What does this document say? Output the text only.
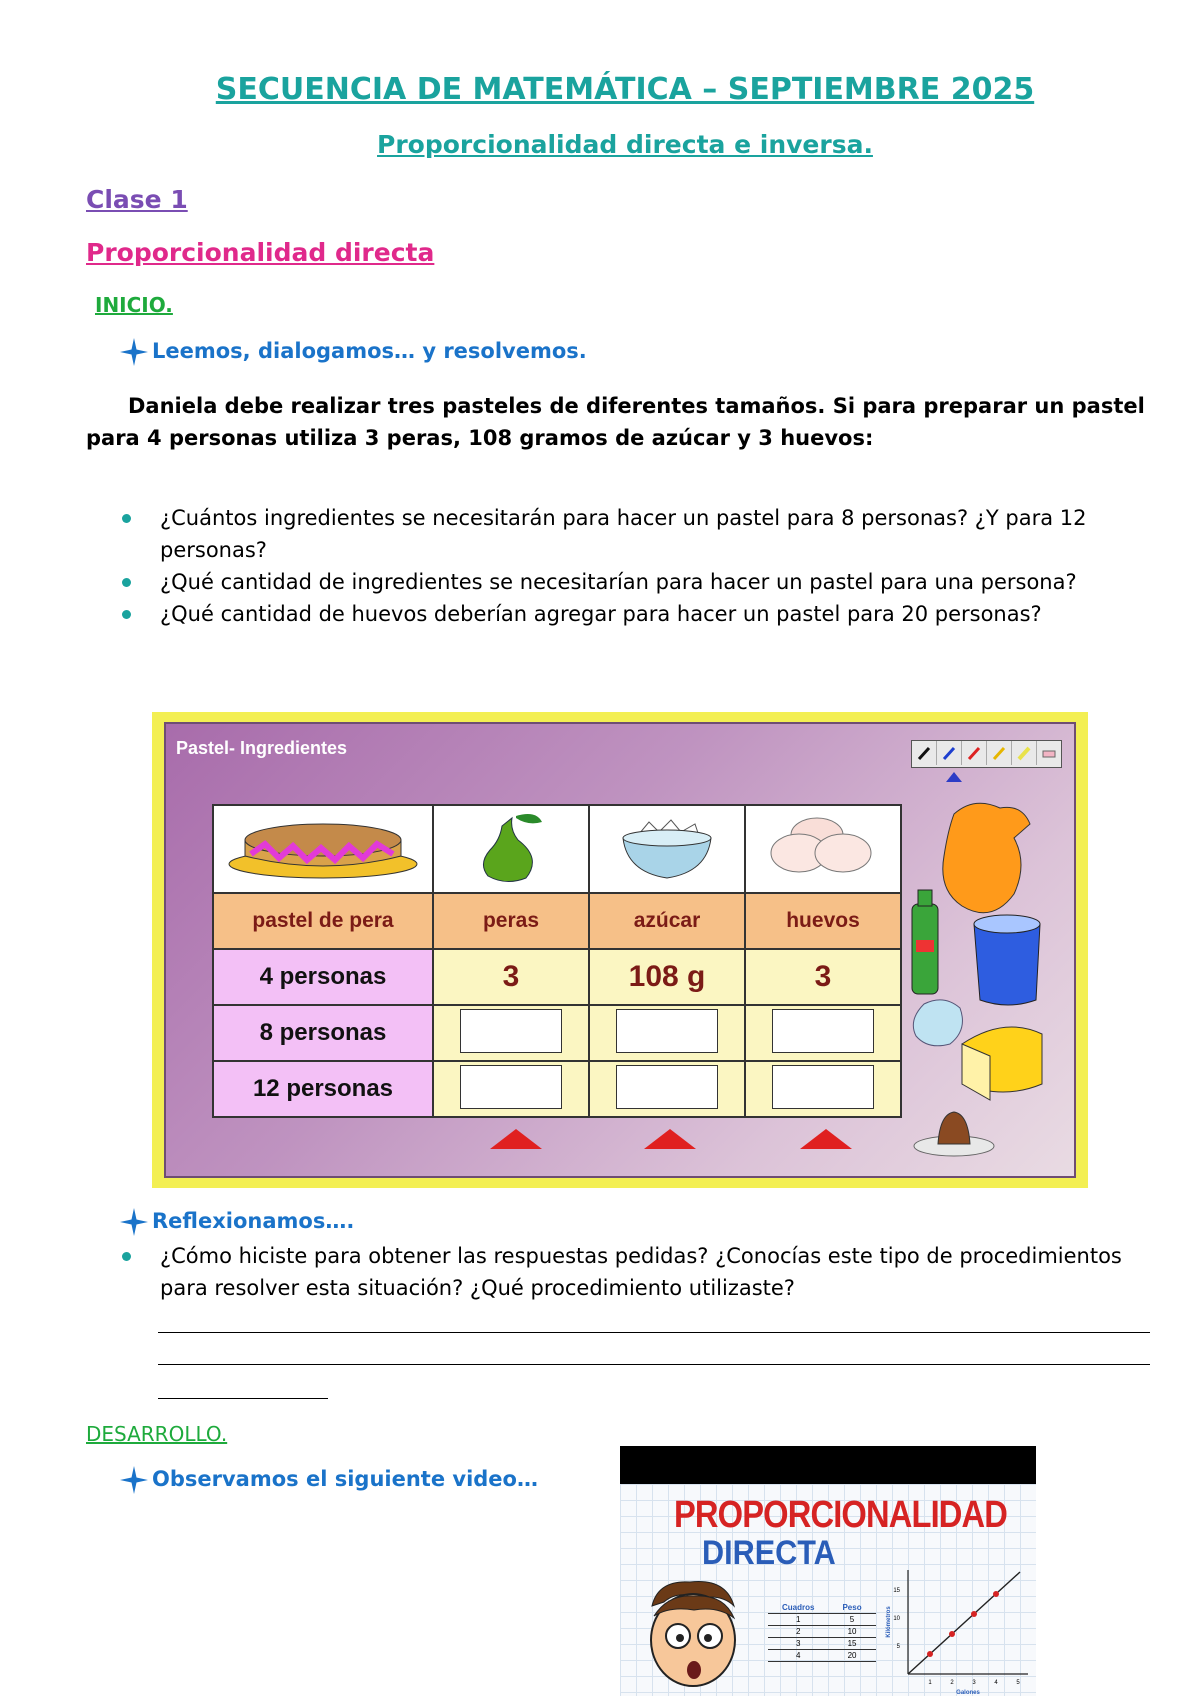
SECUENCIA DE MATEMÁTICA – SEPTIEMBRE 2025
Proporcionalidad directa e inversa.
Clase 1
Proporcionalidad directa
INICIO.
Leemos, dialogamos… y resolvemos.
Daniela debe realizar tres pasteles de diferentes tamaños. Si para preparar un pastel para 4 personas utiliza 3 peras, 108 gramos de azúcar y 3 huevos:
¿Cuántos ingredientes se necesitarán para hacer un pastel para 8 personas? ¿Y para 12 personas?
¿Qué cantidad de ingredientes se necesitarían para hacer un pastel para una persona?
¿Qué cantidad de huevos deberían agregar para hacer un pastel para 20 personas?
Pastel- Ingredientes

pastel de pera	peras	azúcar	huevos
4 personas	3	108 g	3
8 personas			
12 personas			
Reflexionamos….
¿Cómo hiciste para obtener las respuestas pedidas? ¿Conocías este tipo de procedimientos para resolver esta situación? ¿Qué procedimiento utilizaste?
DESARROLLO.
Observamos el siguiente video…
PROPORCIONALIDAD
DIRECTA
Cuadros	Peso
1	5
2	10
3	15
4	20
15
10
5
1	2	3	4	5
Galones
Kilómetros
